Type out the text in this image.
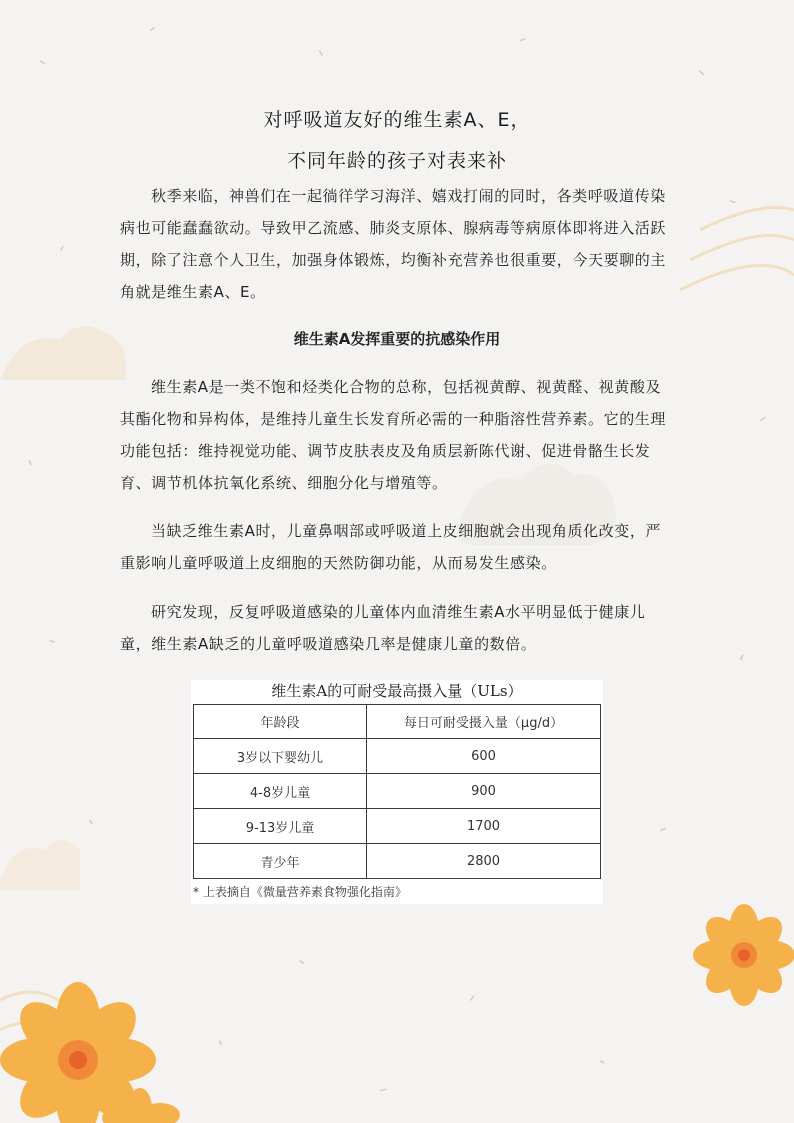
对呼吸道友好的维生素A、E，
不同年龄的孩子对表来补

秋季来临，神兽们在一起徜徉学习海洋、嬉戏打闹的同时，各类呼吸道传染病也可能蠢蠢欲动。导致甲乙流感、肺炎支原体、腺病毒等病原体即将进入活跃期，除了注意个人卫生，加强身体锻炼，均衡补充营养也很重要，今天要聊的主角就是维生素A、E。

维生素A发挥重要的抗感染作用

维生素A是一类不饱和烃类化合物的总称，包括视黄醇、视黄醛、视黄酸及其酯化物和异构体，是维持儿童生长发育所必需的一种脂溶性营养素。它的生理功能包括：维持视觉功能、调节皮肤表皮及角质层新陈代谢、促进骨骼生长发育、调节机体抗氧化系统、细胞分化与增殖等。

当缺乏维生素A时，儿童鼻咽部或呼吸道上皮细胞就会出现角质化改变，严重影响儿童呼吸道上皮细胞的天然防御功能，从而易发生感染。

研究发现，反复呼吸道感染的儿童体内血清维生素A水平明显低于健康儿童，维生素A缺乏的儿童呼吸道感染几率是健康儿童的数倍。

维生素A的可耐受最高摄入量（ULs）
年龄段	每日可耐受摄入量（μg/d）
3岁以下婴幼儿	600
4-8岁儿童	900
9-13岁儿童	1700
青少年	2800
* 上表摘自《微量营养素食物强化指南》
